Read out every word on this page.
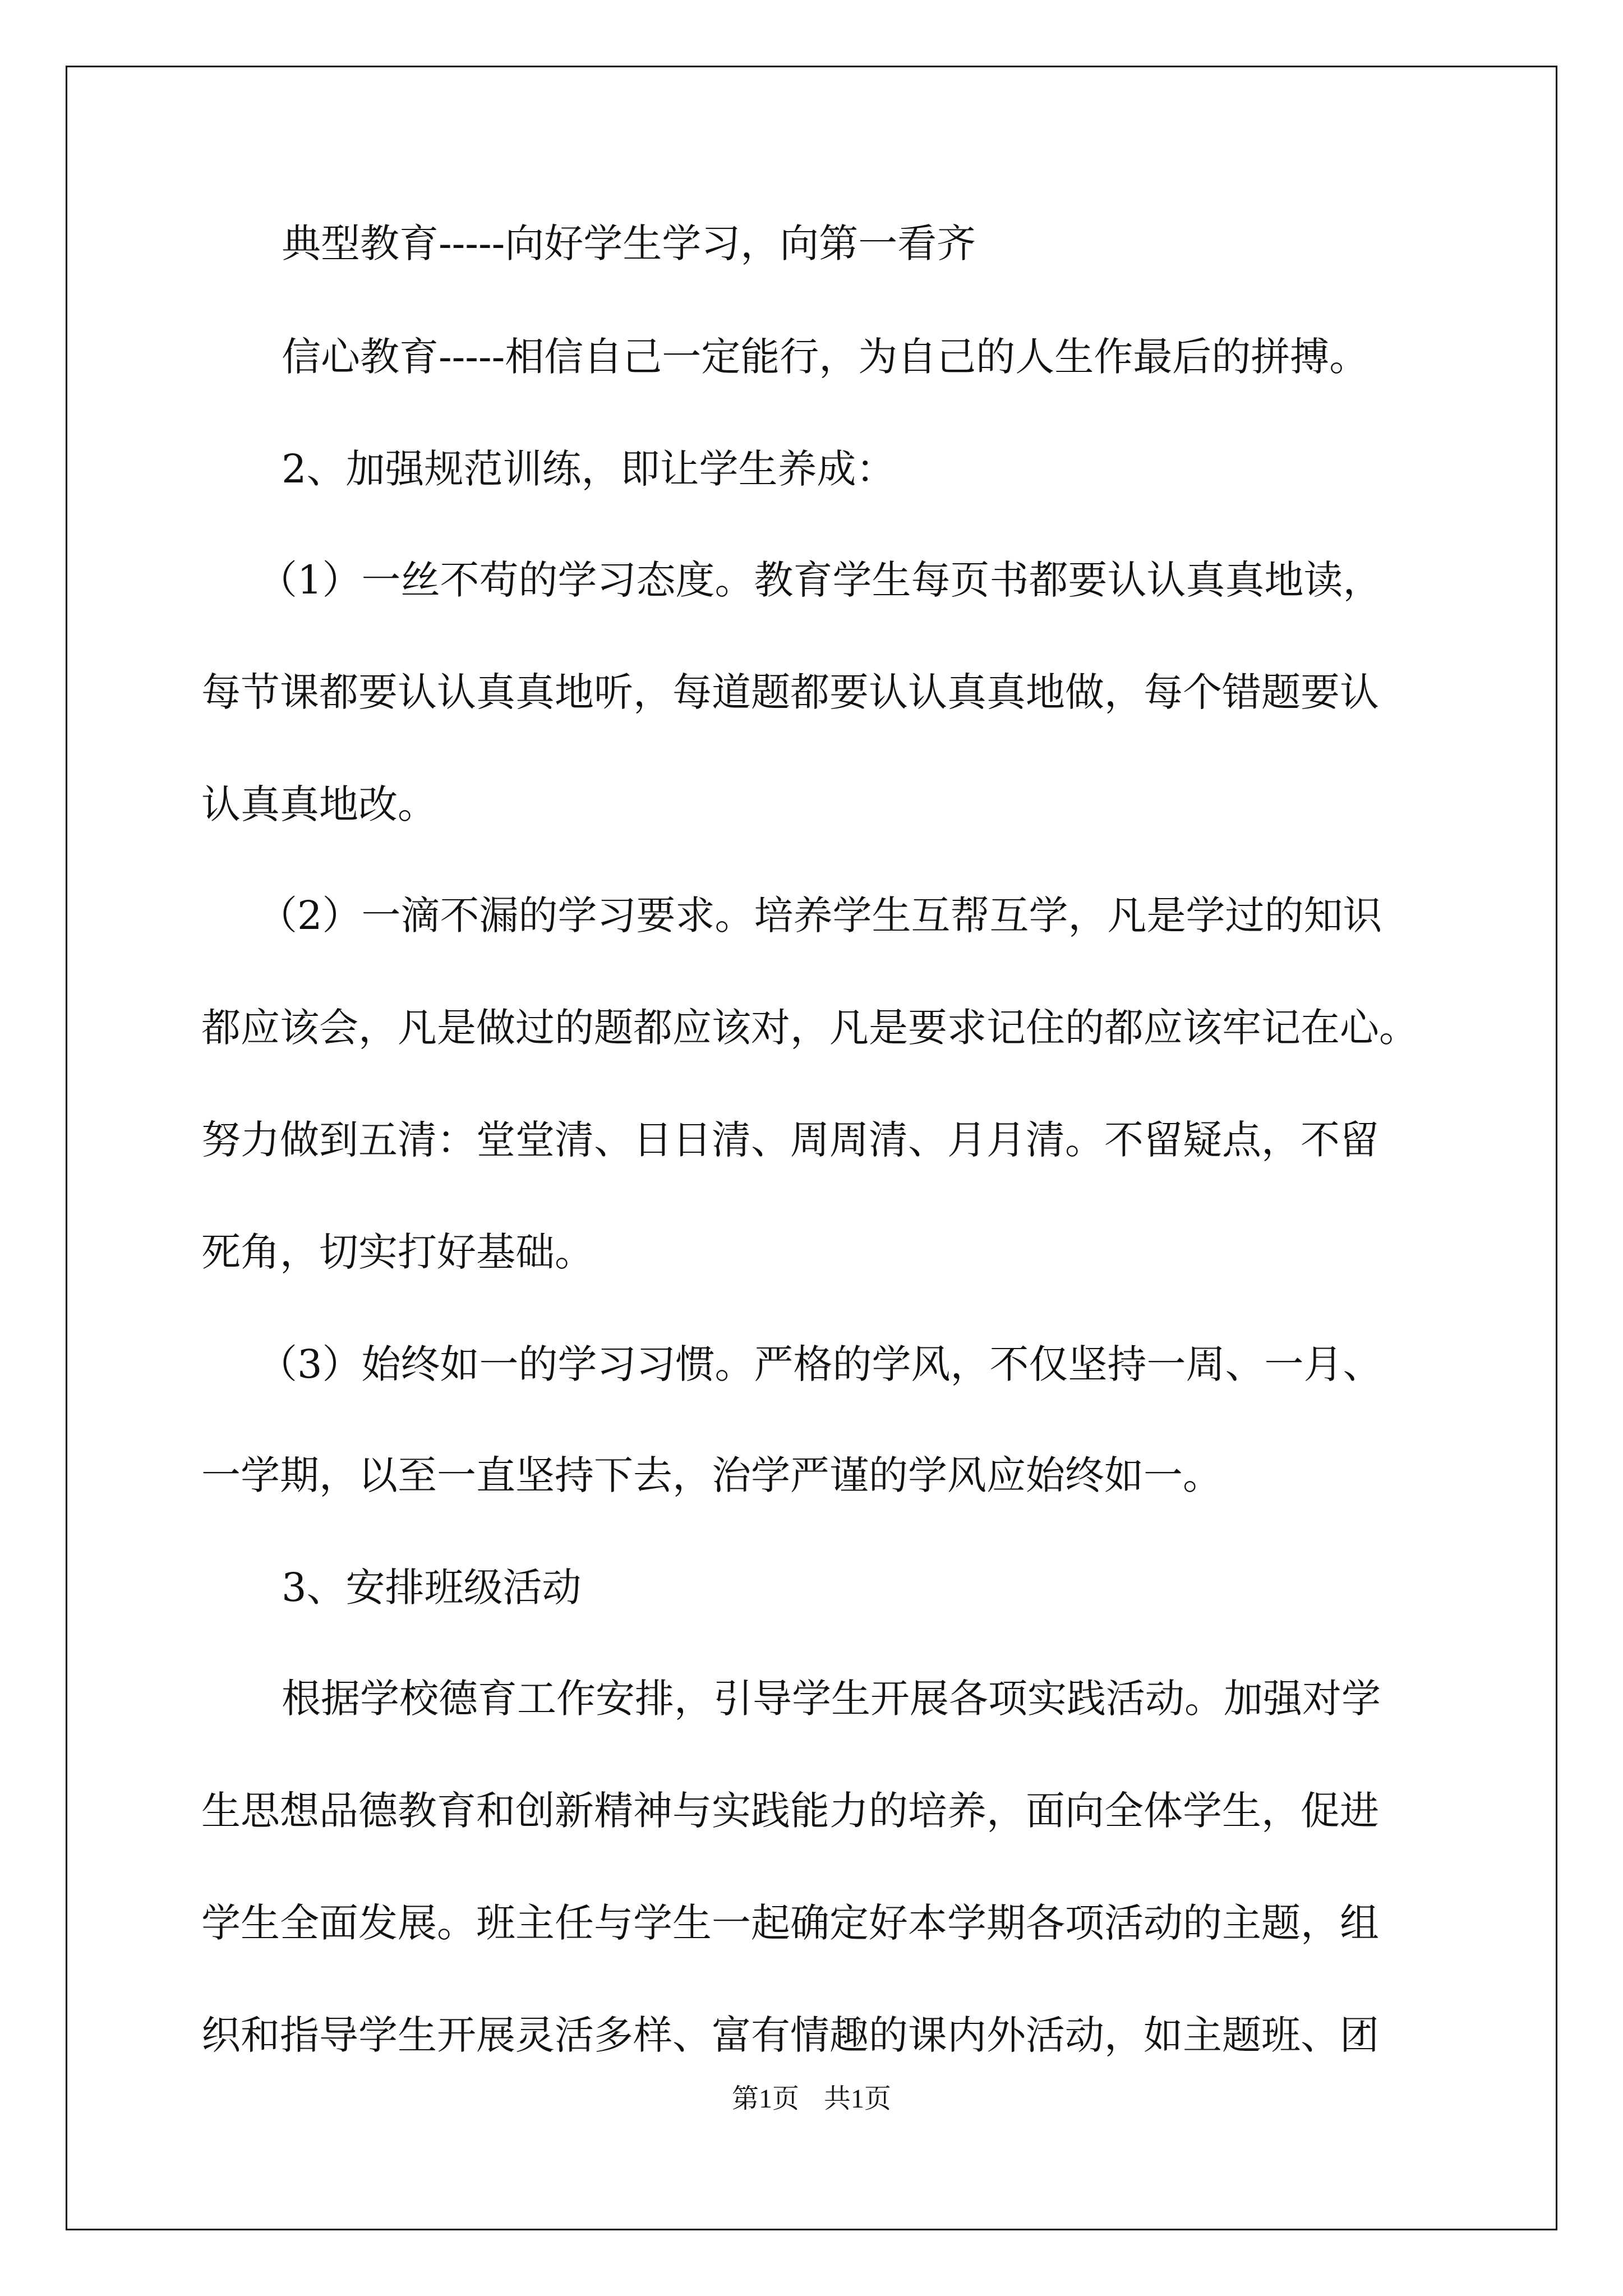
典型教育-----向好学生学习，向第一看齐
信心教育-----相信自己一定能行，为自己的人生作最后的拼搏。
2、加强规范训练，即让学生养成：
（1）一丝不苟的学习态度。教育学生每页书都要认认真真地读，
每节课都要认认真真地听，每道题都要认认真真地做，每个错题要认
认真真地改。
（2）一滴不漏的学习要求。培养学生互帮互学，凡是学过的知识
都应该会，凡是做过的题都应该对，凡是要求记住的都应该牢记在心。
努力做到五清：堂堂清、日日清、周周清、月月清。不留疑点，不留
死角，切实打好基础。
（3）始终如一的学习习惯。严格的学风，不仅坚持一周、一月、
一学期，以至一直坚持下去，治学严谨的学风应始终如一。
3、安排班级活动
根据学校德育工作安排，引导学生开展各项实践活动。加强对学
生思想品德教育和创新精神与实践能力的培养，面向全体学生，促进
学生全面发展。班主任与学生一起确定好本学期各项活动的主题，组
织和指导学生开展灵活多样、富有情趣的课内外活动，如主题班、团
第1页 共1页
